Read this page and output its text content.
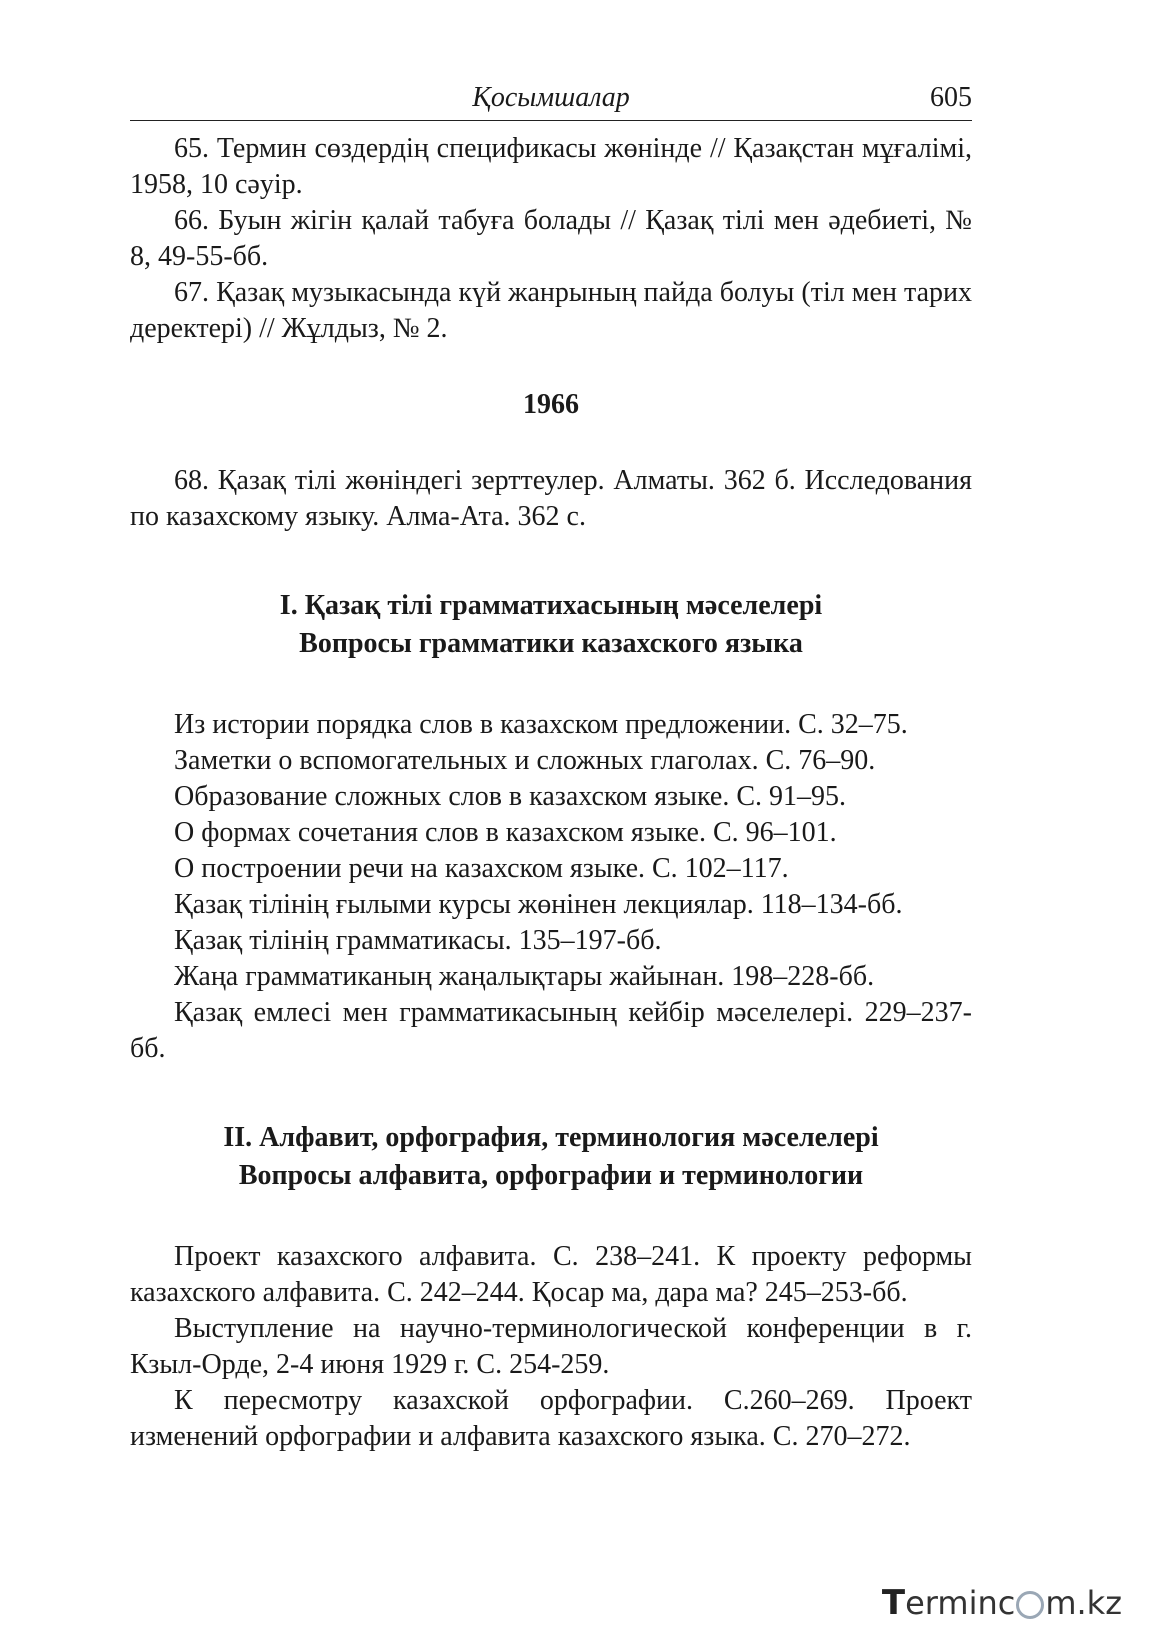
Қосымшалар	605

65. Термин сөздердің спецификасы жөнінде // Қазақстан мұғалімі, 1958, 10 сәуір.

66. Буын жігін қалай табуға болады // Қазақ тілі мен әдебиеті, № 8, 49-55-бб.

67. Қазақ музыкасында күй жанрының пайда болуы (тіл мен тарих деректері) // Жұлдыз, № 2.

1966

68. Қазақ тілі жөніндегі зерттеулер. Алматы. 362 б. Исследования по казахскому языку. Алма-Ата. 362 с.

I. Қазақ тілі грамматихасының мәселелері
Вопросы грамматики казахского языка

Из истории порядка слов в казахском предложении. С. 32–75.

Заметки о вспомогательных и сложных глаголах. С. 76–90.

Образование сложных слов в казахском языке. С. 91–95.

О формах сочетания слов в казахском языке. С. 96–101.

О построении речи на казахском языке. С. 102–117.

Қазақ тілінің ғылыми курсы жөнінен лекциялар. 118–134-бб.

Қазақ тілінің грамматикасы. 135–197-бб.

Жаңа грамматиканың жаңалықтары жайынан. 198–228-бб.

Қазақ емлесі мен грамматикасының кейбір мәселелері. 229–237-бб.

II. Алфавит, орфография, терминология мәселелері
Вопросы алфавита, орфографии и терминологии

Проект казахского алфавита. С. 238–241. К проекту реформы казахского алфавита. С. 242–244. Қосар ма, дара ма? 245–253-бб.

Выступление на научно-терминологической конференции в г. Кзыл-Орде, 2-4 июня 1929 г. С. 254-259.

К пересмотру казахской орфографии. С.260–269. Проект изменений орфографии и алфавита казахского языка. С. 270–272.

T erminc m.kz
